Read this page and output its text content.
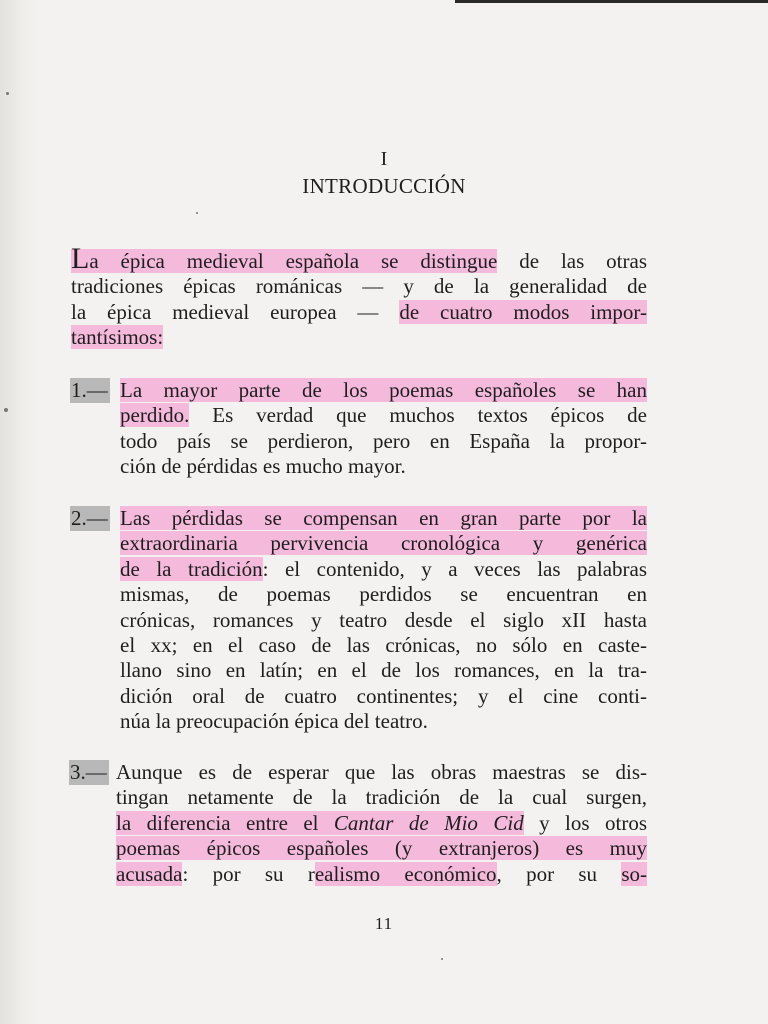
I
INTRODUCCIÓN
La épica medieval española se distingue de las otras
tradiciones épicas románicas — y de la generalidad de
la épica medieval europea — de cuatro modos impor-
tantísimos:
1.— La mayor parte de los poemas españoles se han
perdido. Es verdad que muchos textos épicos de
todo país se perdieron, pero en España la propor-
ción de pérdidas es mucho mayor.
2.— Las pérdidas se compensan en gran parte por la
extraordinaria pervivencia cronológica y genérica
de la tradición: el contenido, y a veces las palabras
mismas, de poemas perdidos se encuentran en
crónicas, romances y teatro desde el siglo xII hasta
el xx; en el caso de las crónicas, no sólo en caste-
llano sino en latín; en el de los romances, en la tra-
dición oral de cuatro continentes; y el cine conti-
núa la preocupación épica del teatro.
3.— Aunque es de esperar que las obras maestras se dis-
tingan netamente de la tradición de la cual surgen,
la diferencia entre el Cantar de Mio Cid y los otros
poemas épicos españoles (y extranjeros) es muy
acusada: por su realismo económico, por su so-
11
